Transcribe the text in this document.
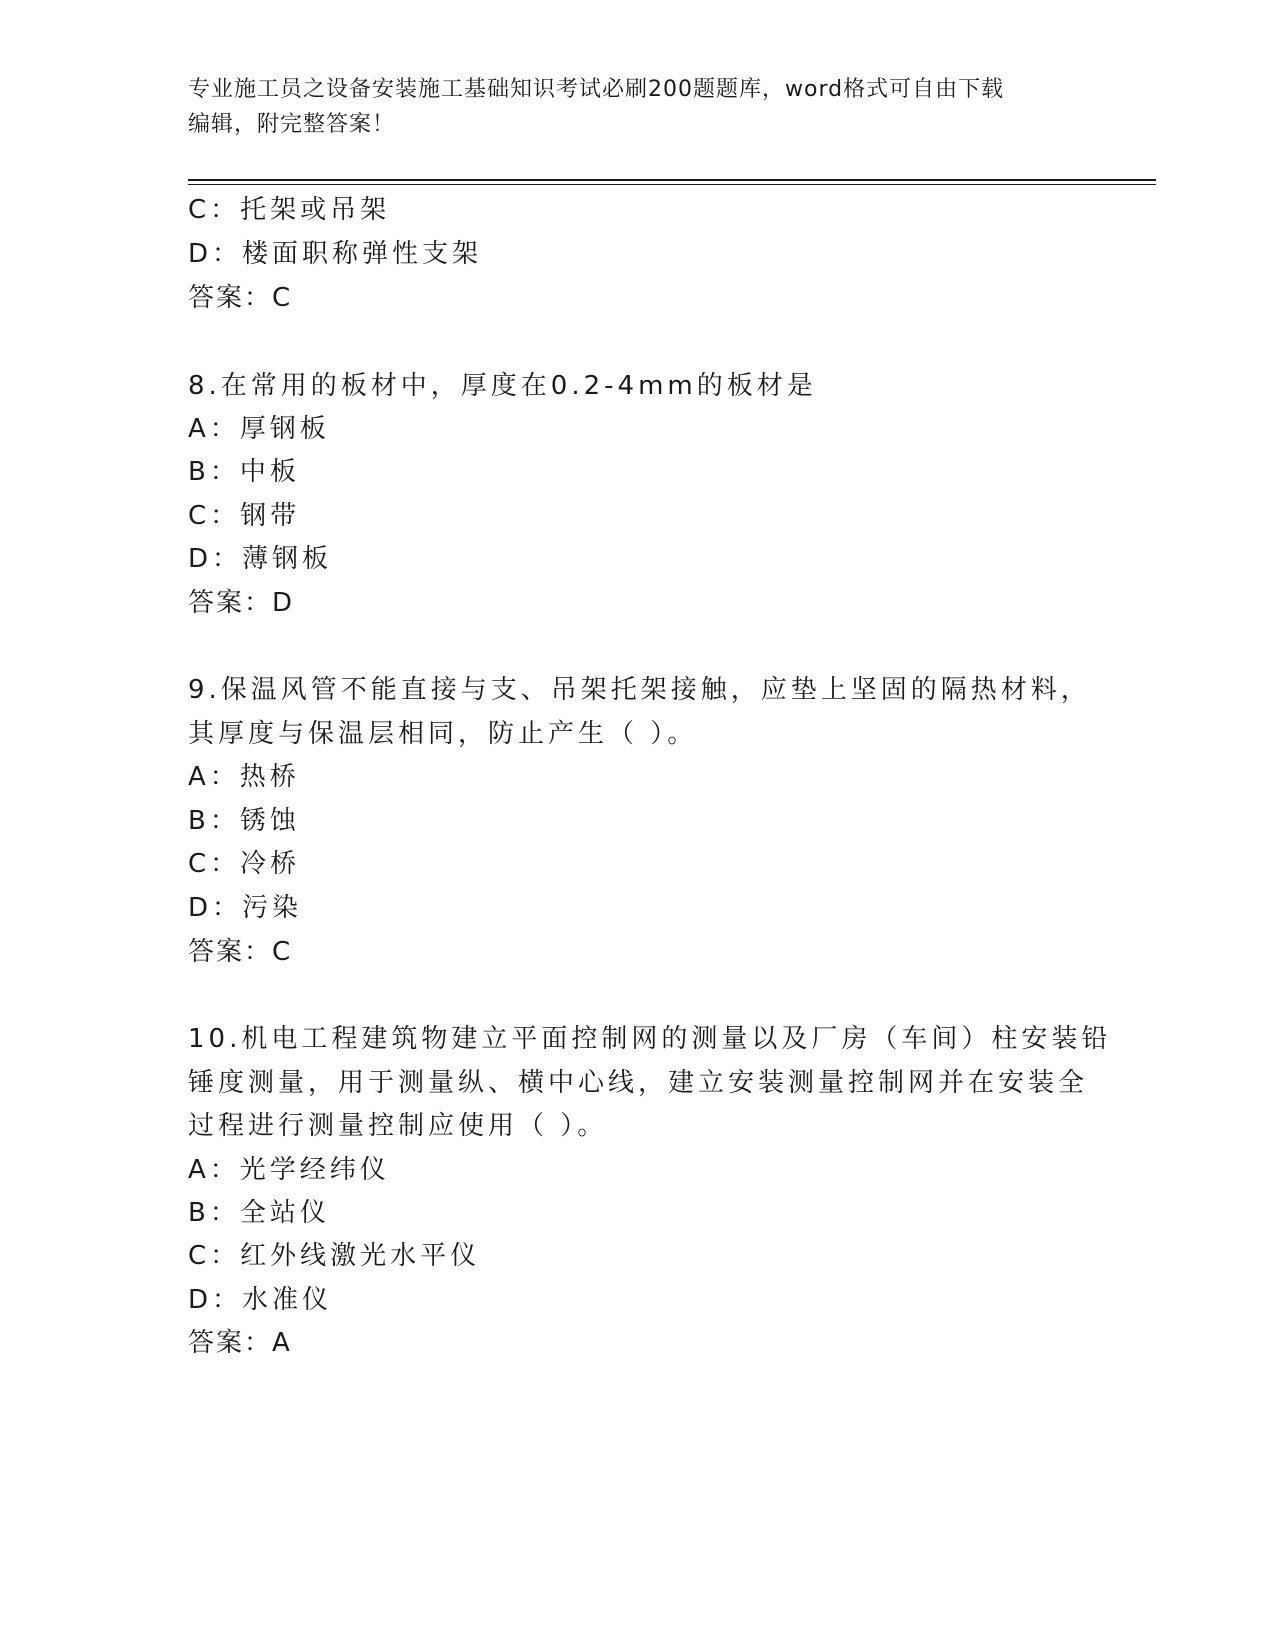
专业施工员之设备安装施工基础知识考试必刷200题题库，word格式可自由下载
编辑，附完整答案！
C：托架或吊架
D：楼面职称弹性支架
答案：C
8.在常用的板材中，厚度在0.2-4mm的板材是
A：厚钢板
B：中板
C：钢带
D：薄钢板
答案：D
9.保温风管不能直接与支、吊架托架接触，应垫上坚固的隔热材料，
其厚度与保温层相同，防止产生（ ）。
A：热桥
B：锈蚀
C：冷桥
D：污染
答案：C
10.机电工程建筑物建立平面控制网的测量以及厂房（车间）柱安装铅
锤度测量，用于测量纵、横中心线，建立安装测量控制网并在安装全
过程进行测量控制应使用（ ）。
A：光学经纬仪
B：全站仪
C：红外线激光水平仪
D：水准仪
答案：A
